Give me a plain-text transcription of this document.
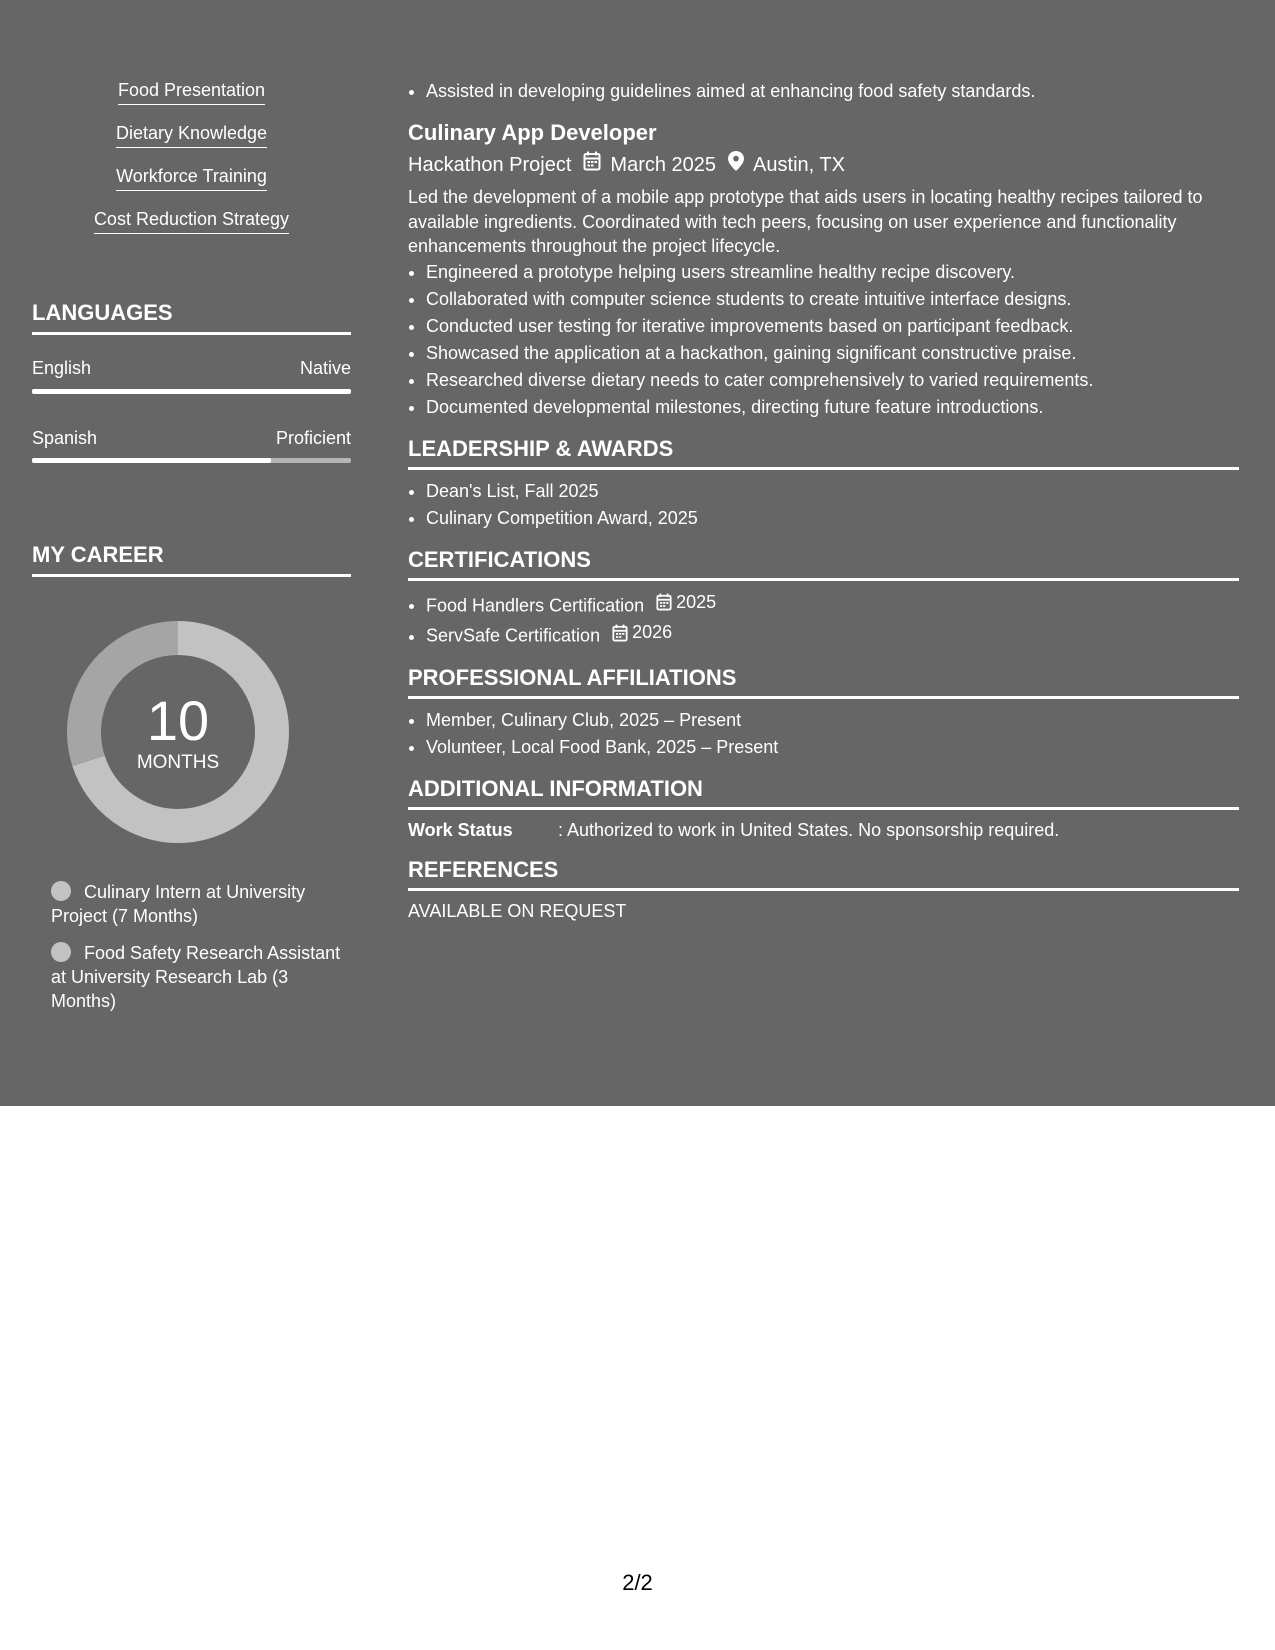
Food Presentation
Dietary Knowledge
Workforce Training
Cost Reduction Strategy
LANGUAGES
English	Native
Spanish	Proficient
MY CAREER
10
MONTHS
Culinary Intern at University Project (7 Months)
Food Safety Research Assistant at University Research Lab (3 Months)
• Assisted in developing guidelines aimed at enhancing food safety standards.
Culinary App Developer
Hackathon Project March 2025 Austin, TX
Led the development of a mobile app prototype that aids users in locating healthy recipes tailored to available ingredients. Coordinated with tech peers, focusing on user experience and functionality enhancements throughout the project lifecycle.
• Engineered a prototype helping users streamline healthy recipe discovery.
• Collaborated with computer science students to create intuitive interface designs.
• Conducted user testing for iterative improvements based on participant feedback.
• Showcased the application at a hackathon, gaining significant constructive praise.
• Researched diverse dietary needs to cater comprehensively to varied requirements.
• Documented developmental milestones, directing future feature introductions.
LEADERSHIP & AWARDS
• Dean's List, Fall 2025
• Culinary Competition Award, 2025
CERTIFICATIONS
• Food Handlers Certification 2025
• ServSafe Certification 2026
PROFESSIONAL AFFILIATIONS
• Member, Culinary Club, 2025 – Present
• Volunteer, Local Food Bank, 2025 – Present
ADDITIONAL INFORMATION
Work Status	: Authorized to work in United States. No sponsorship required.
REFERENCES
AVAILABLE ON REQUEST
2/2
